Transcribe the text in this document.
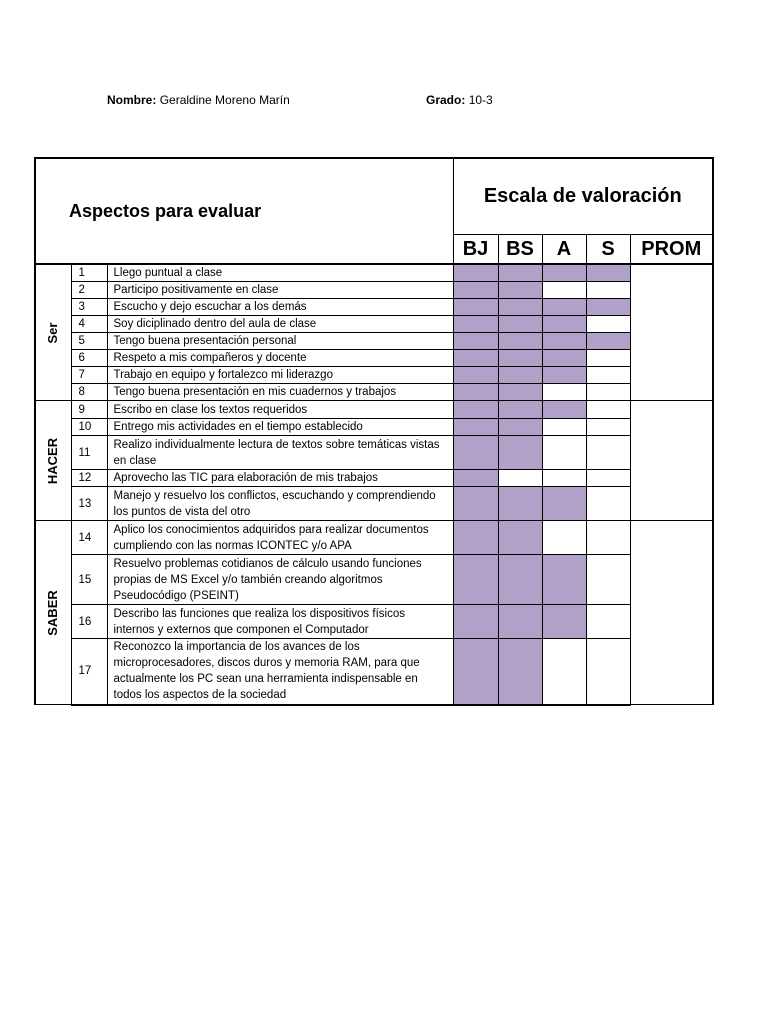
Nombre: Geraldine Moreno Marín	Grado: 10-3
Aspectos para evaluar			Escala de valoración				
			BJ	BS	A	S	PROM

Ser	1	Llego puntual a clase					
	2	Participo positivamente en clase					
	3	Escucho y dejo escuchar a los demás					
	4	Soy diciplinado dentro del aula de clase					
	5	Tengo buena presentación personal					
	6	Respeto a mis compañeros y docente					
	7	Trabajo en equipo y fortalezco mi liderazgo					
	8	Tengo buena presentación en mis cuadernos y trabajos					

HACER	9	Escribo en clase los textos requeridos					
	10	Entrego mis actividades en el tiempo establecido					
	11	Realizo individualmente lectura de textos sobre temáticas vistas en clase					
	12	Aprovecho las TIC para elaboración de mis trabajos					
	13	Manejo y resuelvo los conflictos, escuchando y comprendiendo los puntos de vista del otro					

SABER	14	Aplico los conocimientos adquiridos para realizar documentos cumpliendo con las normas ICONTEC y/o APA					
	15	Resuelvo problemas cotidianos de cálculo usando funciones propias de MS Excel y/o también creando algoritmos Pseudocódigo (PSEINT)					
	16	Describo las funciones que realiza los dispositivos físicos internos y externos que componen el Computador					
	17	Reconozco la importancia de los avances de los microprocesadores, discos duros y memoria RAM, para que actualmente los PC sean una herramienta indispensable en todos los aspectos de la sociedad					
